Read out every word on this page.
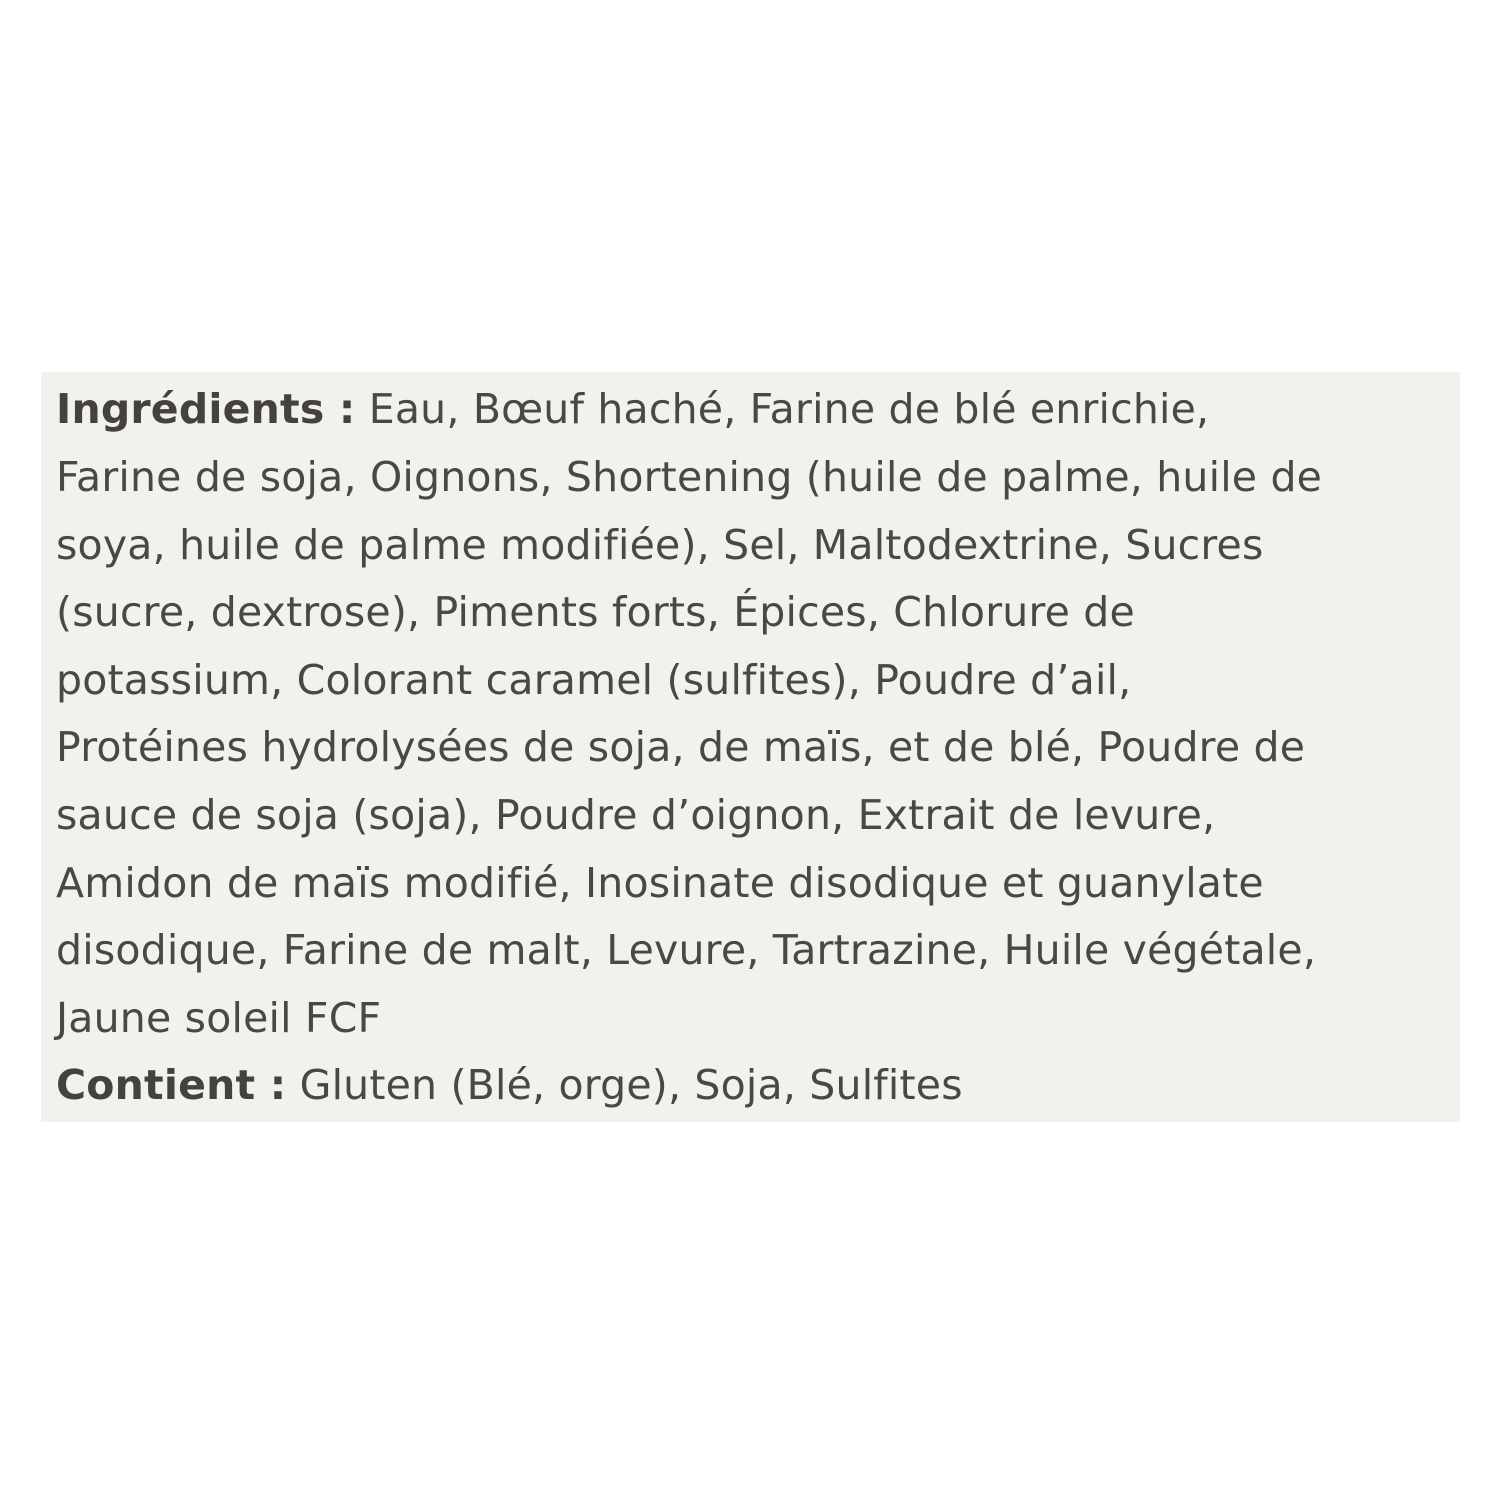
Ingrédients : Eau, Bœuf haché, Farine de blé enrichie,
Farine de soja, Oignons, Shortening (huile de palme, huile de
soya, huile de palme modifiée), Sel, Maltodextrine, Sucres
(sucre, dextrose), Piments forts, Épices, Chlorure de
potassium, Colorant caramel (sulfites), Poudre d’ail,
Protéines hydrolysées de soja, de maïs, et de blé, Poudre de
sauce de soja (soja), Poudre d’oignon, Extrait de levure,
Amidon de maïs modifié, Inosinate disodique et guanylate
disodique, Farine de malt, Levure, Tartrazine, Huile végétale,
Jaune soleil FCF
Contient : Gluten (Blé, orge), Soja, Sulfites
